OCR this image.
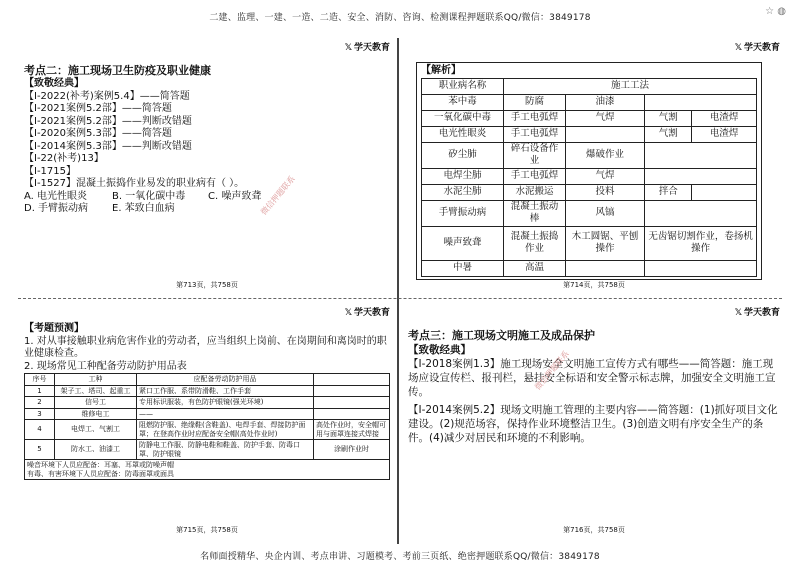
二建、监理、一建、一造、二造、安全、消防、咨询、检测课程押题联系QQ/微信：3849178
☆ ◍
𝕏 学天教育
考点二：施工现场卫生防疫及职业健康
【致敬经典】
【Ⅰ-2022(补考)案例5.4】——简答题
【Ⅰ-2021案例5.2部】——简答题
【Ⅰ-2021案例5.2部】——判断改错题
【Ⅰ-2020案例5.3部】——简答题
【Ⅰ-2014案例5.3部】——判断改错题
【Ⅰ-22(补考)13】
【Ⅰ-1715】
【Ⅰ-1527】混凝土振捣作业易发的职业病有（ ）。
A. 电光性眼炎	B. 一氧化碳中毒	C. 噪声致聋
D. 手臂振动病	E. 苯致白血病	微信押题联系
第713页，共758页
𝕏 学天教育
【解析】
职业病名称	施工工法			
苯中毒	防腐	油漆		
一氧化碳中毒	手工电弧焊	气焊	气割	电渣焊
电光性眼炎	手工电弧焊		气割	电渣焊
矽尘肺	碎石设备作业	爆破作业		
电焊尘肺	手工电弧焊	气焊		
水泥尘肺	水泥搬运	投料	拌合	
手臂振动病	混凝土振动棒	风镐		
噪声致聋	混凝土振捣作业	木工圆锯、平刨操作	无齿锯切割作业，卷扬机操作	
中暑	高温			
第714页，共758页
𝕏 学天教育
【考题预测】
1. 对从事接触职业病危害作业的劳动者，应当组织上岗前、在岗期间和离岗时的职业健康检查。
2. 现场常见工种配备劳动防护用品表
序号	工种	应配备劳动防护用品	
1	架子工、塔司、起重工	紧口工作服、系带防滑鞋、工作手套	
2	信号工	专用标识服装，有色防护眼镜(强光环境)	
3	维修电工	——	
4	电焊工、气割工	阻燃防护服、绝缘鞋(含鞋盖)、电焊手套、焊接防护面罩；在登高作业时应配备安全帽(高处作业时)	高处作业时，安全帽可用与面罩连接式焊接
5	防水工、油漆工	防静电工作服、防静电鞋和鞋盖、防护手套、防毒口罩、防护眼镜	涂刷作业时

噪音环境下人员应配备：耳塞、耳罩或防噪声帽
有毒、有害环境下人员应配备：防毒面罩或面具			
第715页，共758页
𝕏 学天教育
考点三：施工现场文明施工及成品保护
【致敬经典】
【Ⅰ-2018案例1.3】施工现场安全文明施工宣传方式有哪些——简答题：施工现场应设宣传栏、报刊栏，悬挂安全标语和安全警示标志牌，加强安全文明施工宣传。
【Ⅰ-2014案例5.2】现场文明施工管理的主要内容——简答题：(1)抓好项目文化建设。(2)规范场容，保持作业环境整洁卫生。(3)创造文明有序安全生产的条件。(4)减少对居民和环境的不利影响。
微信押题联系
第716页，共758页
名师面授精华、央企内训、考点串讲、习题模考、考前三页纸、绝密押题联系QQ/微信：3849178
